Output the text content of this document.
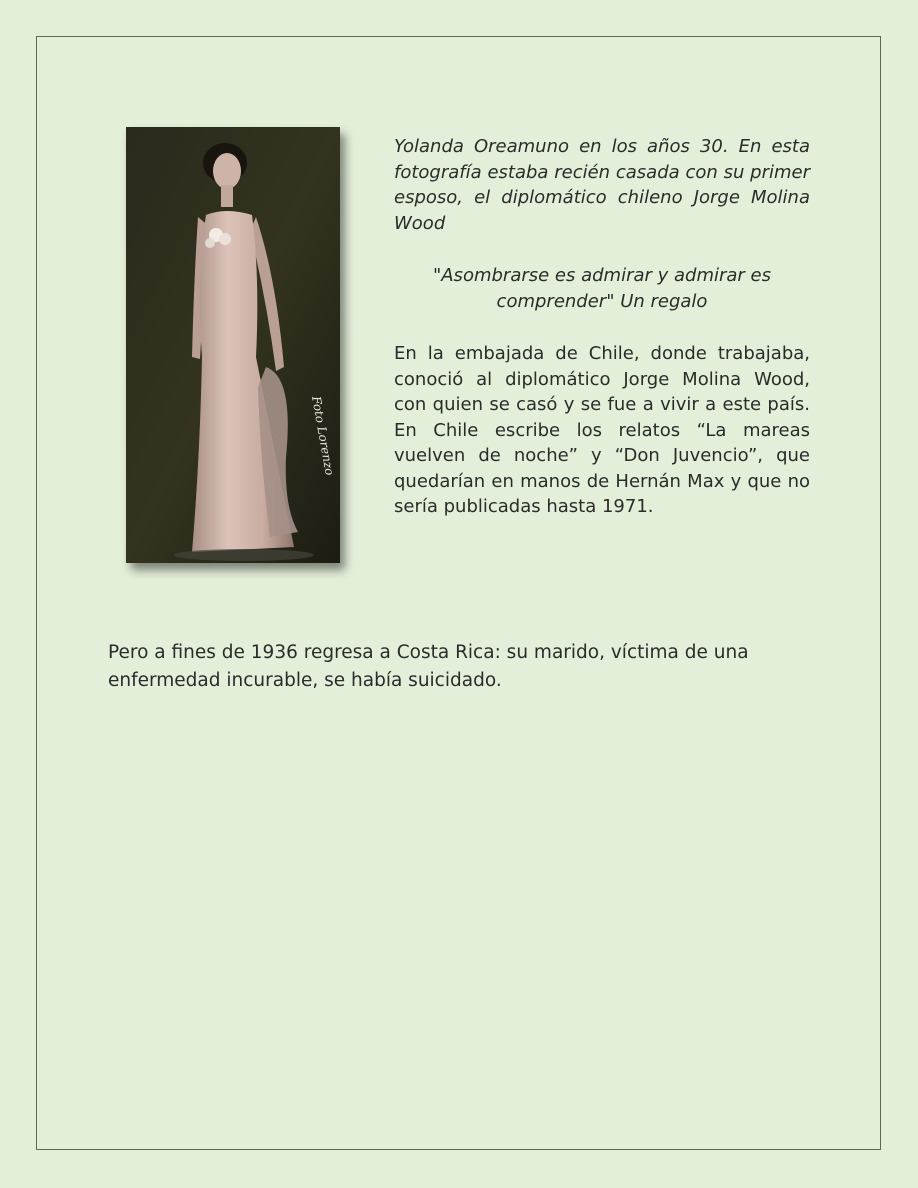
Foto Lorenzo

Yolanda Oreamuno en los años 30. En esta fotografía estaba recién casada con su primer esposo, el diplomático chileno Jorge Molina Wood

"Asombrarse es admirar y admirar es comprender" Un regalo

En la embajada de Chile, donde trabajaba, conoció al diplomático Jorge Molina Wood, con quien se casó y se fue a vivir a este país. En Chile escribe los relatos “La mareas vuelven de noche” y “Don Juvencio”, que quedarían en manos de Hernán Max y que no sería publicadas hasta 1971.

Pero a fines de 1936 regresa a Costa Rica: su marido, víctima de una enfermedad incurable, se había suicidado.
